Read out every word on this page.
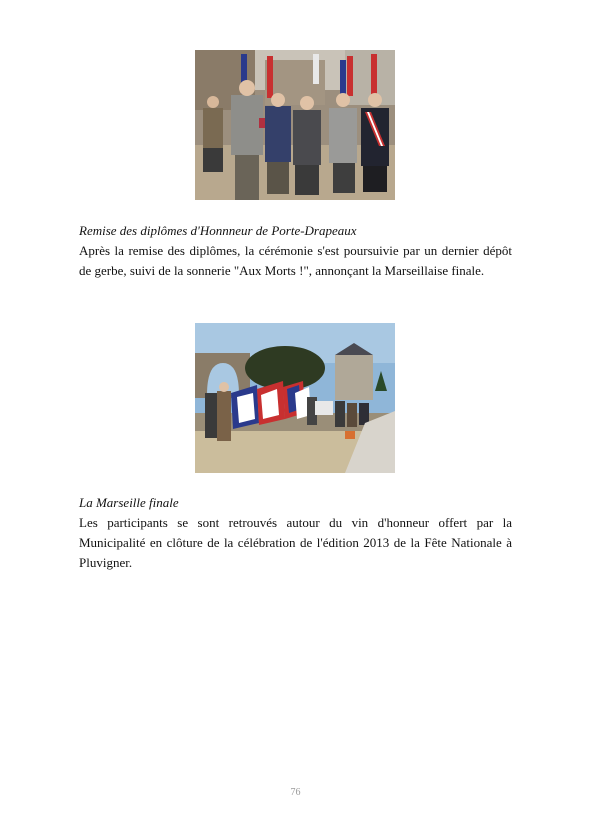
Remise des diplômes d'Honnneur de Porte-Drapeaux
Après la remise des diplômes, la cérémonie s'est poursuivie par un dernier dépôt de gerbe, suivi de la sonnerie "Aux Morts !", annonçant la Marseillaise finale.
La Marseille finale
Les participants se sont retrouvés autour du vin d'honneur offert par la Municipalité en clôture de la célébration de l'édition 2013 de la Fête Nationale à Pluvigner.
76
